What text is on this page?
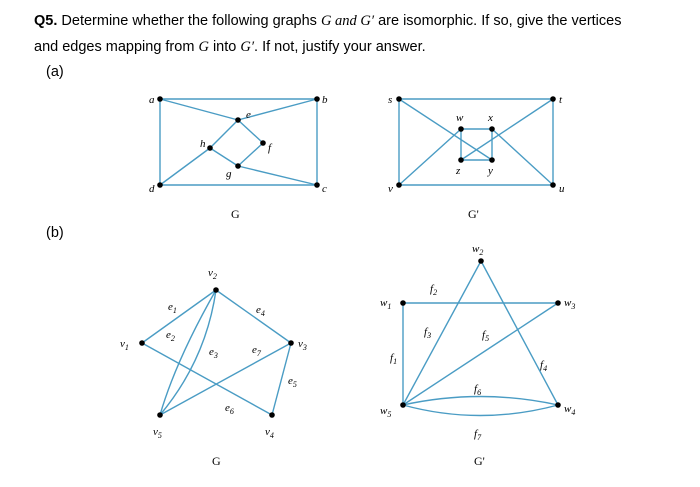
Q5. Determine whether the following graphs G and G′ are isomorphic. If so, give the vertices
and edges mapping from G into G′. If not, justify your answer.
(a)
(b)
a	b
c
d
e
f
g
h
G
s	t
u
v
w x
y
z
G'
$v_1$
$v_2$
$v_3$
$v_4$
$v_5$
$e_1$
$e_2$
$e_3$
$e_4$
$e_5$
$e_6$
$e_7$
G
$w_1$
$w_2$
$w_3$
$w_4$
$w_5$
$f_1$
$f_2$
$f_3$
$f_4$
$f_5$
$f_6$
$f_7$
G'
